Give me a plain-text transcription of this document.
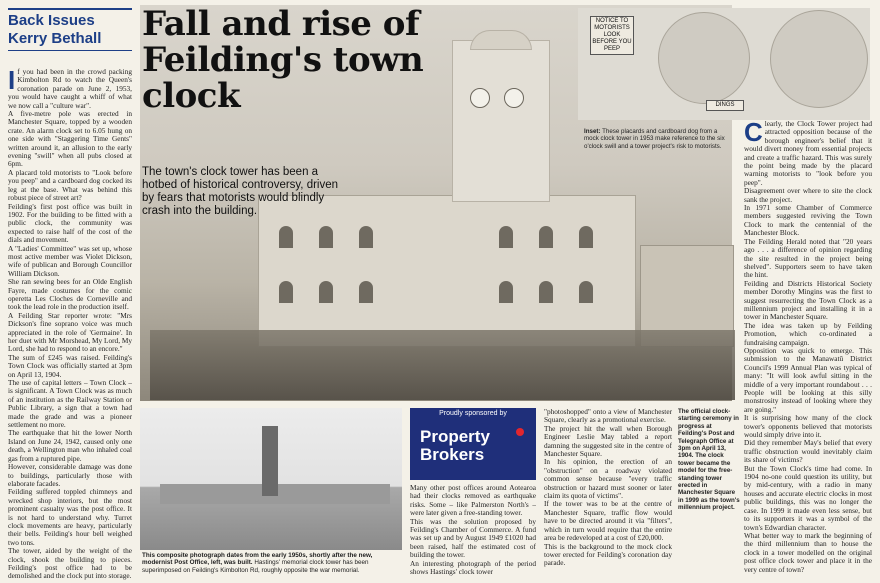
Back Issues
Kerry Bethall	Fall and rise of Feilding's town clock
The town's clock tower has been a hotbed of historical controversy, driven by fears that motorists would blindly crash into the building.
I f you had been in the crowd packing Kimbolton Rd to watch the Queen's coronation parade on June 2, 1953, you would have caught a whiff of what we now call a "culture war".

A five-metre pole was erected in Manchester Square, topped by a wooden crate. An alarm clock set to 6.05 hung on one side with "Staggering Time Gents" written around it, an allusion to the early evening "swill" when all pubs closed at 6pm.

A placard told motorists to "Look before you peep" and a cardboard dog cocked its leg at the base. What was behind this robust piece of street art?

Feilding's first post office was built in 1902. For the building to be fitted with a public clock, the community was expected to raise half of the cost of the dials and movement.

A "Ladies' Committee" was set up, whose most active member was Violet Dickson, wife of publican and Borough Councillor William Dickson.

She ran sewing bees for an Olde English Fayre, made costumes for the comic operetta Les Cloches de Corneville and took the lead role in the production itself.

A Feilding Star reporter wrote: "Mrs Dickson's fine soprano voice was much appreciated in the role of 'Germaine'. In her duet with Mr Morshead, My Lord, My Lord, she had to respond to an encore."

The sum of £245 was raised. Feilding's Town Clock was officially started at 3pm on April 13, 1904.

The use of capital letters – Town Clock – is significant. A Town Clock was as much of an institution as the Railway Station or Public Library, a sign that a town had made the grade and was a pioneer settlement no more.

The earthquake that hit the lower North Island on June 24, 1942, caused only one death, a Wellington man who inhaled coal gas from a ruptured pipe.

However, considerable damage was done to buildings, particularly those with elaborate facades.

Feilding suffered toppled chimneys and wrecked shop interiors, but the most prominent casualty was the post office. It is not hard to understand why. Turret clock movements are heavy, particularly their bells. Feilding's hour bell weighed two tons.

The tower, aided by the weight of the clock, shook the building to pieces. Feilding's post office had to be demolished and the clock put into storage.

NOTICE TO MOTORISTS LOOK BEFORE YOU PEEP
DINGS
Inset: These placards and cardboard dog from a mock clock tower in 1953 make reference to the six o'clock swill and a tower project's risk to motorists. C learly, the Clock Tower project had attracted opposition because of the borough engineer's belief that it would divert money from essential projects and create a traffic hazard. This was surely the point being made by the placard warning motorists to "look before you peep".

Disagreement over where to site the clock sank the project.

In 1971 some Chamber of Commerce members suggested reviving the Town Clock to mark the centennial of the Manchester Block.

The Feilding Herald noted that "20 years ago . . . a difference of opinion regarding the site resulted in the project being shelved". Supporters seem to have taken the hint.

Feilding and Districts Historical Society member Dorothy Mingins was the first to suggest resurrecting the Town Clock as a millennium project and installing it in a tower in Manchester Square.

The idea was taken up by Feilding Promotion, which co-ordinated a fundraising campaign.

Opposition was quick to emerge. This submission to the Manawatū District Council's 1999 Annual Plan was typical of many: "It will look awful sitting in the middle of a very important roundabout . . . People will be looking at this silly monstrosity instead of looking where they are going."

It is surprising how many of the clock tower's opponents believed that motorists would simply drive into it.

Did they remember May's belief that every traffic obstruction would inevitably claim its share of victims?

But the Town Clock's time had come. In 1904 no-one could question its utility, but by mid-century, with a radio in many houses and accurate electric clocks in most public buildings, this was no longer the case. In 1999 it made even less sense, but to its supporters it was a symbol of the town's Edwardian character.

What better way to mark the beginning of the third millennium than to house the clock in a tower modelled on the original post office clock tower and place it in the very centre of town?

This composite photograph dates from the early 1950s, shortly after the new, modernist Post Office, left, was built. Hastings' memorial clock tower has been superimposed on Feilding's Kimbolton Rd, roughly opposite the war memorial.
Proudly sponsored by
Property Brokers

Many other post offices around Aotearoa had their clocks removed as earthquake risks. Some – like Palmerston North's – were later given a free-standing tower.

This was the solution proposed by Feilding's Chamber of Commerce. A fund was set up and by August 1949 £1020 had been raised, half the estimated cost of building the tower.

An interesting photograph of the period shows Hastings' clock tower

"photoshopped" onto a view of Manchester Square, clearly as a promotional exercise.

The project hit the wall when Borough Engineer Leslie May tabled a report damning the suggested site in the centre of Manchester Square.

In his opinion, the erection of an "obstruction" on a roadway violated common sense because "every traffic obstruction or hazard must sooner or later claim its quota of victims".

If the tower was to be at the centre of Manchester Square, traffic flow would have to be directed around it via "filters", which in turn would require that the entire area be redeveloped at a cost of £20,000.

This is the background to the mock clock tower erected for Feilding's coronation day parade.

The official clock-starting ceremony in progress at Feilding's Post and Telegraph Office at 3pm on April 13, 1904. The clock tower became the model for the free-standing tower erected in Manchester Square in 1999 as the town's millennium project.
